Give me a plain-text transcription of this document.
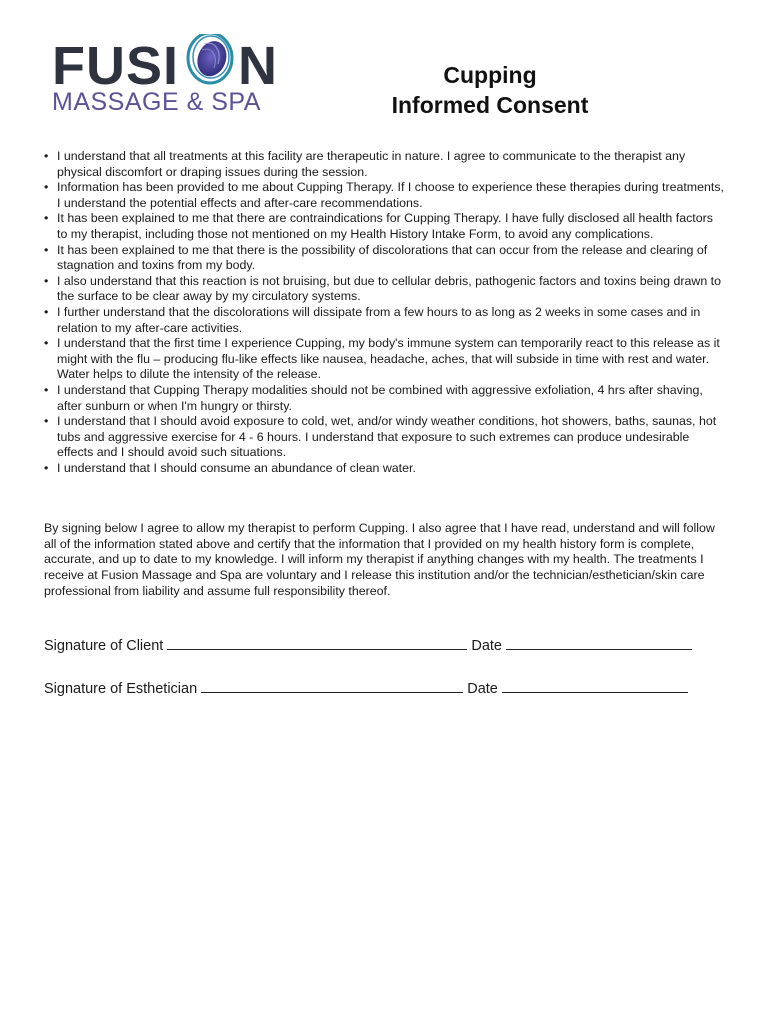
FUSI N
MASSAGE & SPA
Cupping
Informed Consent
• I understand that all treatments at this facility are therapeutic in nature. I agree to communicate to the therapist any physical discomfort or draping issues during the session.
• Information has been provided to me about Cupping Therapy. If I choose to experience these therapies during treatments, I understand the potential effects and after-care recommendations.
• It has been explained to me that there are contraindications for Cupping Therapy. I have fully disclosed all health factors to my therapist, including those not mentioned on my Health History Intake Form, to avoid any complications.
• It has been explained to me that there is the possibility of discolorations that can occur from the release and clearing of stagnation and toxins from my body.
• I also understand that this reaction is not bruising, but due to cellular debris, pathogenic factors and toxins being drawn to the surface to be clear away by my circulatory systems.
• I further understand that the discolorations will dissipate from a few hours to as long as 2 weeks in some cases and in relation to my after-care activities.
• I understand that the first time I experience Cupping, my body's immune system can temporarily react to this release as it might with the flu – producing flu-like effects like nausea, headache, aches, that will subside in time with rest and water. Water helps to dilute the intensity of the release.
• I understand that Cupping Therapy modalities should not be combined with aggressive exfoliation, 4 hrs after shaving, after sunburn or when I'm hungry or thirsty.
• I understand that I should avoid exposure to cold, wet, and/or windy weather conditions, hot showers, baths, saunas, hot tubs and aggressive exercise for 4 - 6 hours. I understand that exposure to such extremes can produce undesirable effects and I should avoid such situations.
• I understand that I should consume an abundance of clean water.

By signing below I agree to allow my therapist to perform Cupping. I also agree that I have read, understand and will follow all of the information stated above and certify that the information that I provided on my health history form is complete, accurate, and up to date to my knowledge. I will inform my therapist if anything changes with my health. The treatments I receive at Fusion Massage and Spa are voluntary and I release this institution and/or the technician/esthetician/skin care professional from liability and assume full responsibility thereof.

Signature of Client	Date
Signature of Esthetician	Date
